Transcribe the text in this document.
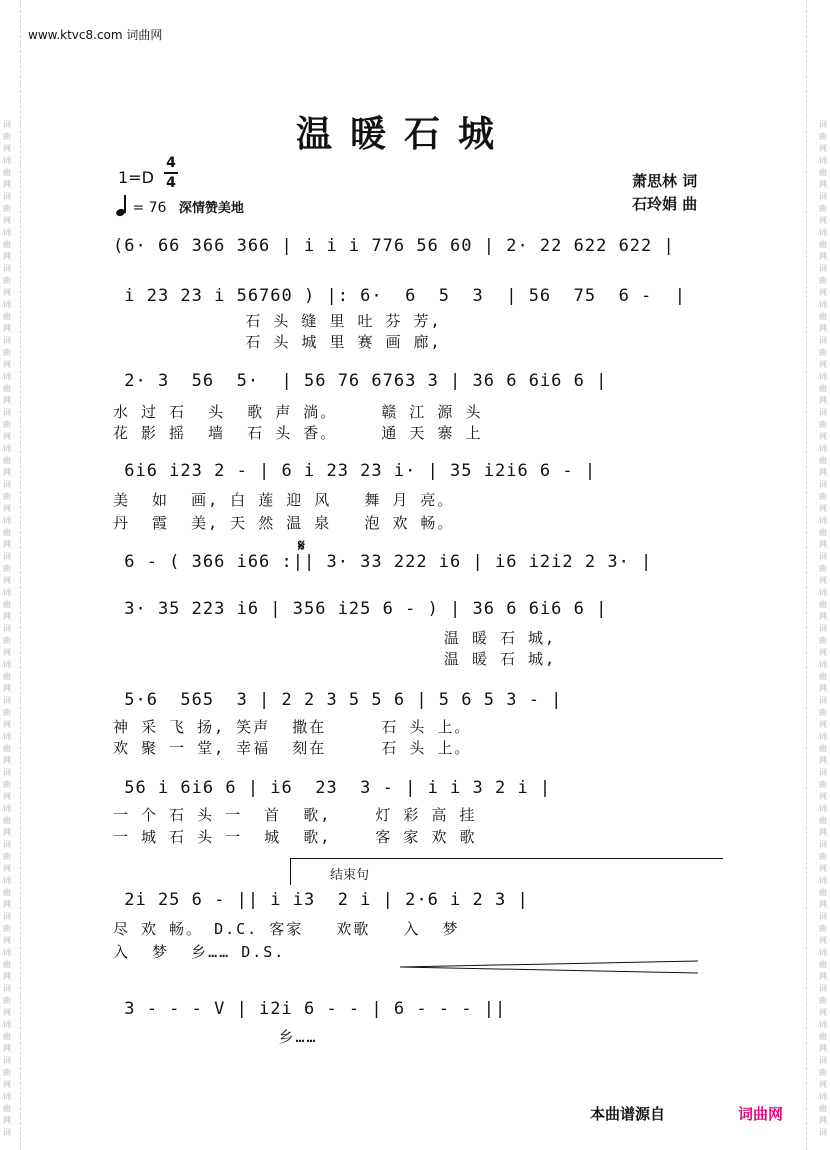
词
曲
网
词
曲
网
词
曲
网
词
曲
网
词
曲
网
词
曲
网
词
曲
网
词
曲
网
词
曲
网
词
曲
网
词
曲
网
词
曲
网
词
曲
网
词
曲
网
词
曲
网
词
曲
网
词
曲
网
词
曲
网
词
曲
网
词
曲
网
词
曲
网
词
曲
网
词
曲
网
词
曲
网
词
曲
网
词
曲
网
词
曲
网
词
曲
网
词
词
曲
网
词
曲
网
词
曲
网
词
曲
网
词
曲
网
词
曲
网
词
曲
网
词
曲
网
词
曲
网
词
曲
网
词
曲
网
词
曲
网
词
曲
网
词
曲
网
词
曲
网
词
曲
网
词
曲
网
词
曲
网
词
曲
网
词
曲
网
词
曲
网
词
曲
网
词
曲
网
词
曲
网
词
曲
网
词
曲
网
词
曲
网
词
曲
网
词
www.ktvc8.com 词曲网
温暖石城
1=D
4
4
= 76 深情赞美地
萧思林 词
石玲娟 曲
(6· 66 366 366 | i i i 776 56 60 | 2· 22 622 622 |
i 23 23 i 56760 ) |: 6·  6  5  3  | 56  75  6 -  |
石 头 缝 里 吐 芬 芳,
石 头 城 里 赛 画 廊,
2· 3  56  5·  | 56 76 6763 3 | 36 6 6i6 6 |
水 过 石  头  歌 声 淌。    赣 江 源 头
花 影 摇  墙  石 头 香。    通 天 寨 上
6i6 i23 2 - | 6 i 23 23 i· | 35 i2i6 6 - |
美  如  画, 白 莲 迎 风   舞 月 亮。
丹  霞  美, 天 然 温 泉   泡 欢 畅。
6 - ( 366 i66 :|| 3· 33 222 i6 | i6 i2i2 2 3· |
𝄋
3· 35 223 i6 | 356 i25 6 - ) | 36 6 6i6 6 |
温 暖 石 城,
温 暖 石 城,
5·6  565  3 | 2 2 3 5 5 6 | 5 6 5 3 - |
神 采 飞 扬, 笑声  撒在     石 头 上。
欢 聚 一 堂, 幸福  刻在     石 头 上。
56 i 6i6 6 | i6  23  3 - | i i 3 2 i |
一 个 石 头 一  首  歌,    灯 彩 高 挂
一 城 石 头 一  城  歌,    客 家 欢 歌
结束句
2i 25 6 - || i i3  2 i | 2·6 i 2 3 |
尽 欢 畅。 D.C. 客家   欢歌   入  梦
入  梦  乡…… D.S.
3 - - - V | i2i 6 - - | 6 - - - ||
乡……
本曲谱源自	词曲网
